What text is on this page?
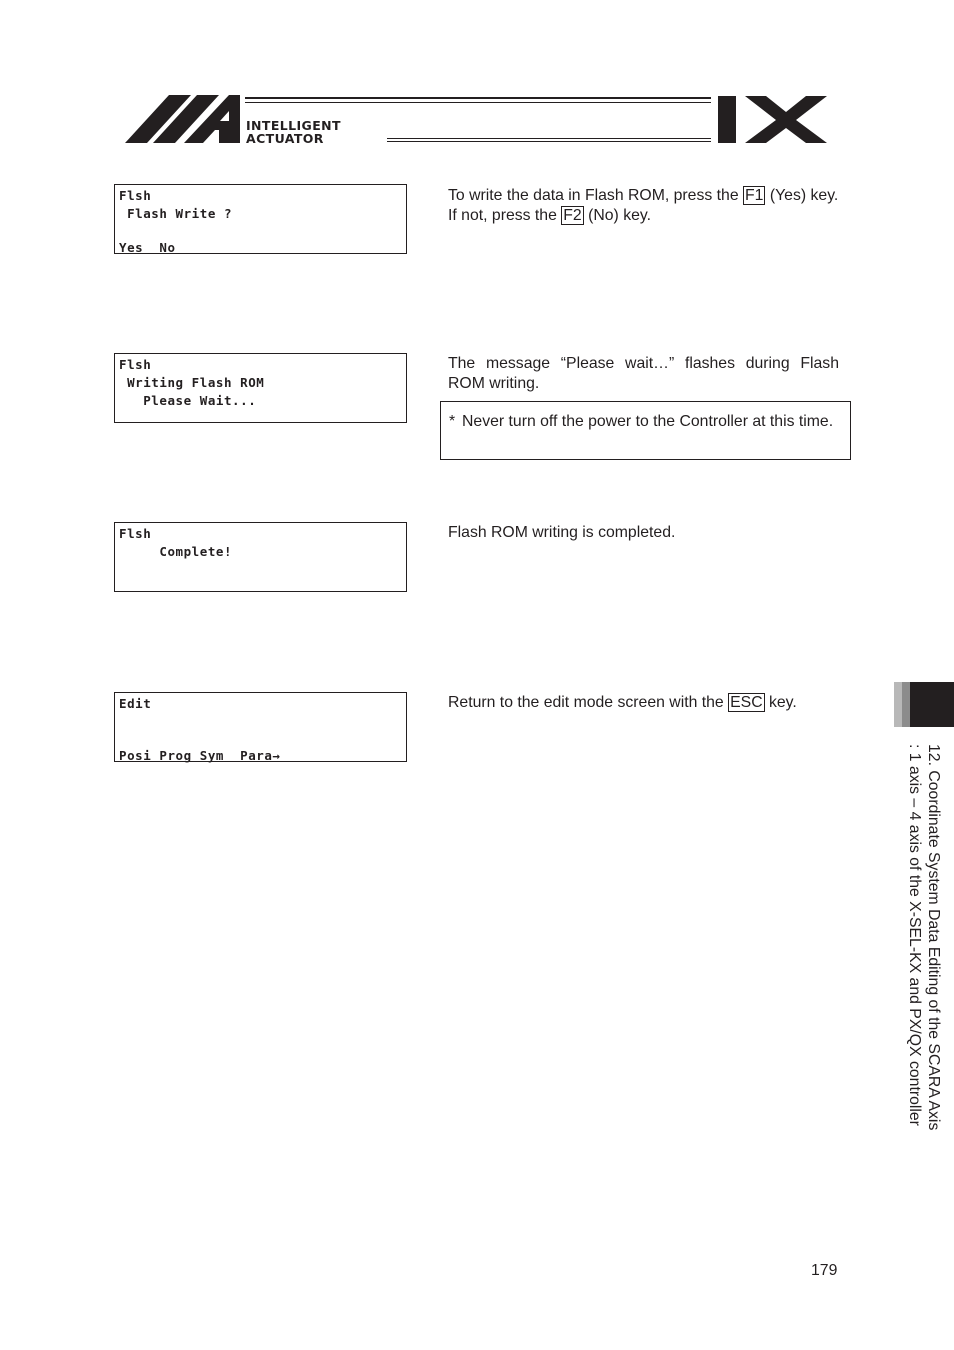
INTELLIGENT
ACTUATOR
Flsh
Flash Write ?
Yes  No

To write the data in Flash ROM, press the F1 (Yes) key.

If not, press the F2 (No) key.

Flsh
Writing Flash ROM
Please Wait...

The message “Please wait…” flashes during Flash ROM writing.

* Never turn off the power to the Controller at this time.
Flsh
Complete!

Flash ROM writing is completed.

Edit
Posi Prog Sym  Para→

Return to the edit mode screen with the ESC key.

12. Coordinate System Data Editing of the SCARA Axis
: 1 axis – 4 axis of the X-SEL-KX and PX/QX controller
179
